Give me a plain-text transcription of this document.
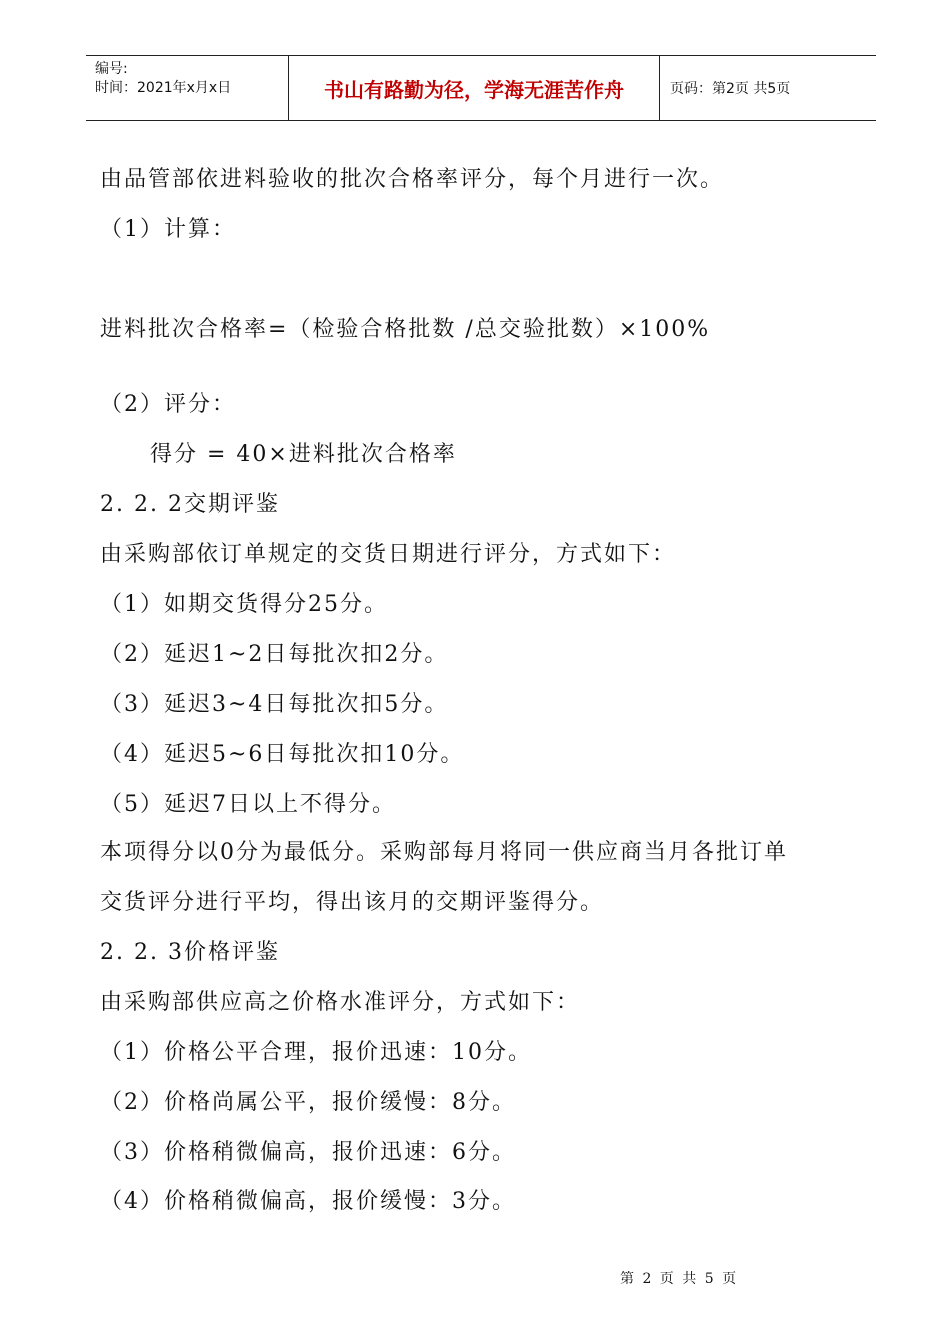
编号:
时间：2021年x月x日	书山有路勤为径，学海无涯苦作舟	页码：第2页 共5页
由品管部依进料验收的批次合格率评分，每个月进行一次。
（1）计算：
进料批次合格率=（检验合格批数 /总交验批数）×100%
（2）评分：
得分 = 40×进料批次合格率
2. 2. 2交期评鉴
由采购部依订单规定的交货日期进行评分，方式如下：
（1）如期交货得分25分。
（2）延迟1~2日每批次扣2分。
（3）延迟3~4日每批次扣5分。
（4）延迟5~6日每批次扣10分。
（5）延迟7日以上不得分。
本项得分以0分为最低分。采购部每月将同一供应商当月各批订单
交货评分进行平均，得出该月的交期评鉴得分。
2. 2. 3价格评鉴
由采购部供应高之价格水准评分，方式如下：
（1）价格公平合理，报价迅速：10分。
（2）价格尚属公平，报价缓慢：8分。
（3）价格稍微偏高，报价迅速：6分。
（4）价格稍微偏高，报价缓慢：3分。
第 2 页 共 5 页
